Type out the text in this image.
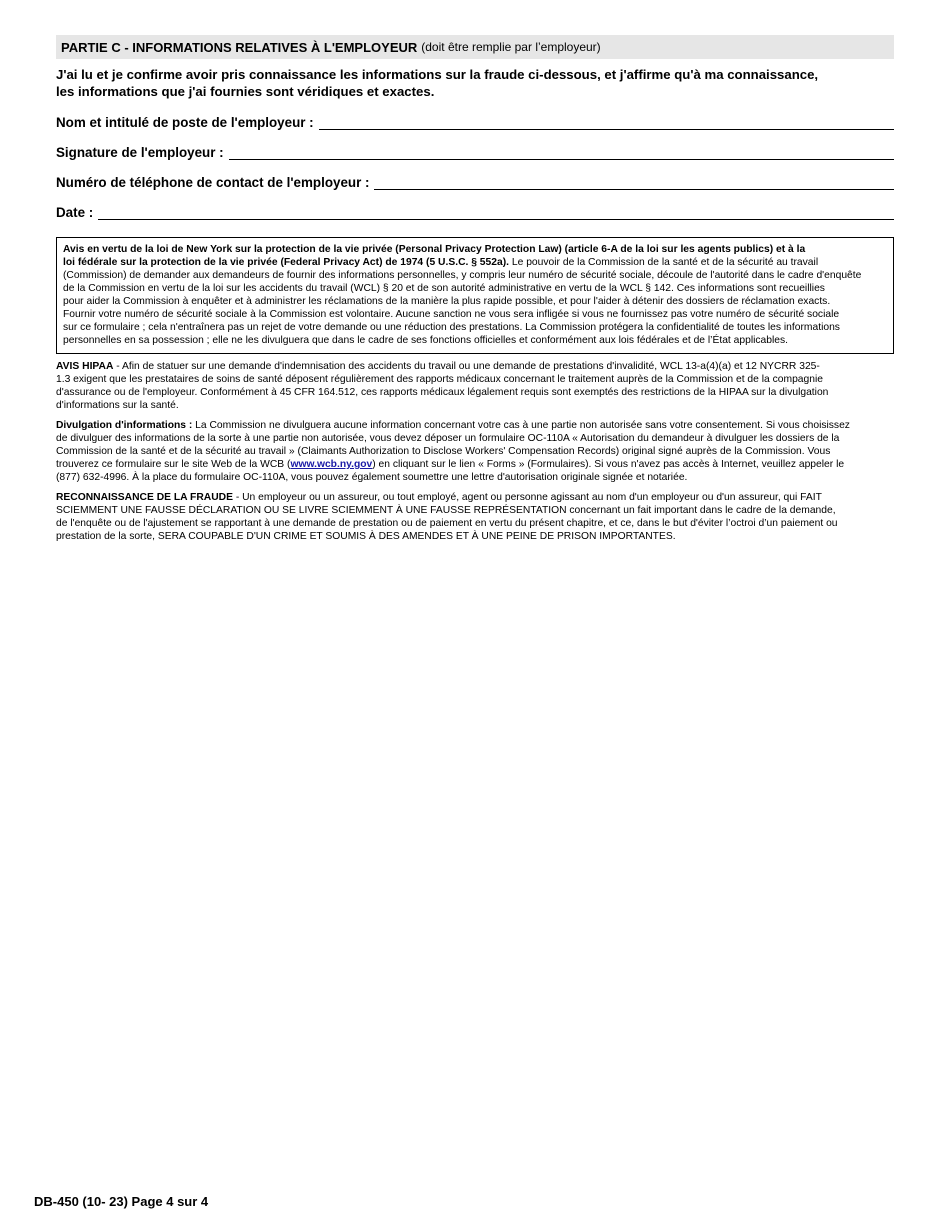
PARTIE C - INFORMATIONS RELATIVES À L'EMPLOYEUR (doit être remplie par l’employeur)
J'ai lu et je confirme avoir pris connaissance les informations sur la fraude ci-dessous, et j'affirme qu'à ma connaissance,
les informations que j'ai fournies sont véridiques et exactes.
Nom et intitulé de poste de l'employeur :
Signature de l'employeur :
Numéro de téléphone de contact de l'employeur :
Date :
Avis en vertu de la loi de New York sur la protection de la vie privée (Personal Privacy Protection Law) (article 6-A de la loi sur les agents publics) et à la
loi fédérale sur la protection de la vie privée (Federal Privacy Act) de 1974 (5 U.S.C. § 552a). Le pouvoir de la Commission de la santé et de la sécurité au travail
(Commission) de demander aux demandeurs de fournir des informations personnelles, y compris leur numéro de sécurité sociale, découle de l'autorité dans le cadre d'enquête
de la Commission en vertu de la loi sur les accidents du travail (WCL) § 20 et de son autorité administrative en vertu de la WCL § 142. Ces informations sont recueillies
pour aider la Commission à enquêter et à administrer les réclamations de la manière la plus rapide possible, et pour l'aider à détenir des dossiers de réclamation exacts.
Fournir votre numéro de sécurité sociale à la Commission est volontaire. Aucune sanction ne vous sera infligée si vous ne fournissez pas votre numéro de sécurité sociale
sur ce formulaire ; cela n'entraînera pas un rejet de votre demande ou une réduction des prestations. La Commission protégera la confidentialité de toutes les informations
personnelles en sa possession ; elle ne les divulguera que dans le cadre de ses fonctions officielles et conformément aux lois fédérales et de l’État applicables.
AVIS HIPAA - Afin de statuer sur une demande d'indemnisation des accidents du travail ou une demande de prestations d'invalidité, WCL 13-a(4)(a) et 12 NYCRR 325-
1.3 exigent que les prestataires de soins de santé déposent régulièrement des rapports médicaux concernant le traitement auprès de la Commission et de la compagnie
d'assurance ou de l'employeur. Conformément à 45 CFR 164.512, ces rapports médicaux légalement requis sont exemptés des restrictions de la HIPAA sur la divulgation
d'informations sur la santé.
Divulgation d'informations : La Commission ne divulguera aucune information concernant votre cas à une partie non autorisée sans votre consentement. Si vous choisissez
de divulguer des informations de la sorte à une partie non autorisée, vous devez déposer un formulaire OC-110A « Autorisation du demandeur à divulguer les dossiers de la
Commission de la santé et de la sécurité au travail » (Claimants Authorization to Disclose Workers' Compensation Records) original signé auprès de la Commission. Vous
trouverez ce formulaire sur le site Web de la WCB (www.wcb.ny.gov) en cliquant sur le lien « Forms » (Formulaires). Si vous n'avez pas accès à Internet, veuillez appeler le
(877) 632-4996. À la place du formulaire OC-110A, vous pouvez également soumettre une lettre d'autorisation originale signée et notariée.
RECONNAISSANCE DE LA FRAUDE - Un employeur ou un assureur, ou tout employé, agent ou personne agissant au nom d'un employeur ou d'un assureur, qui FAIT
SCIEMMENT UNE FAUSSE DÉCLARATION OU SE LIVRE SCIEMMENT À UNE FAUSSE REPRÉSENTATION concernant un fait important dans le cadre de la demande,
de l'enquête ou de l'ajustement se rapportant à une demande de prestation ou de paiement en vertu du présent chapitre, et ce, dans le but d'éviter l’octroi d’un paiement ou
prestation de la sorte, SERA COUPABLE D'UN CRIME ET SOUMIS À DES AMENDES ET À UNE PEINE DE PRISON IMPORTANTES.
DB-450 (10- 23) Page 4 sur 4
